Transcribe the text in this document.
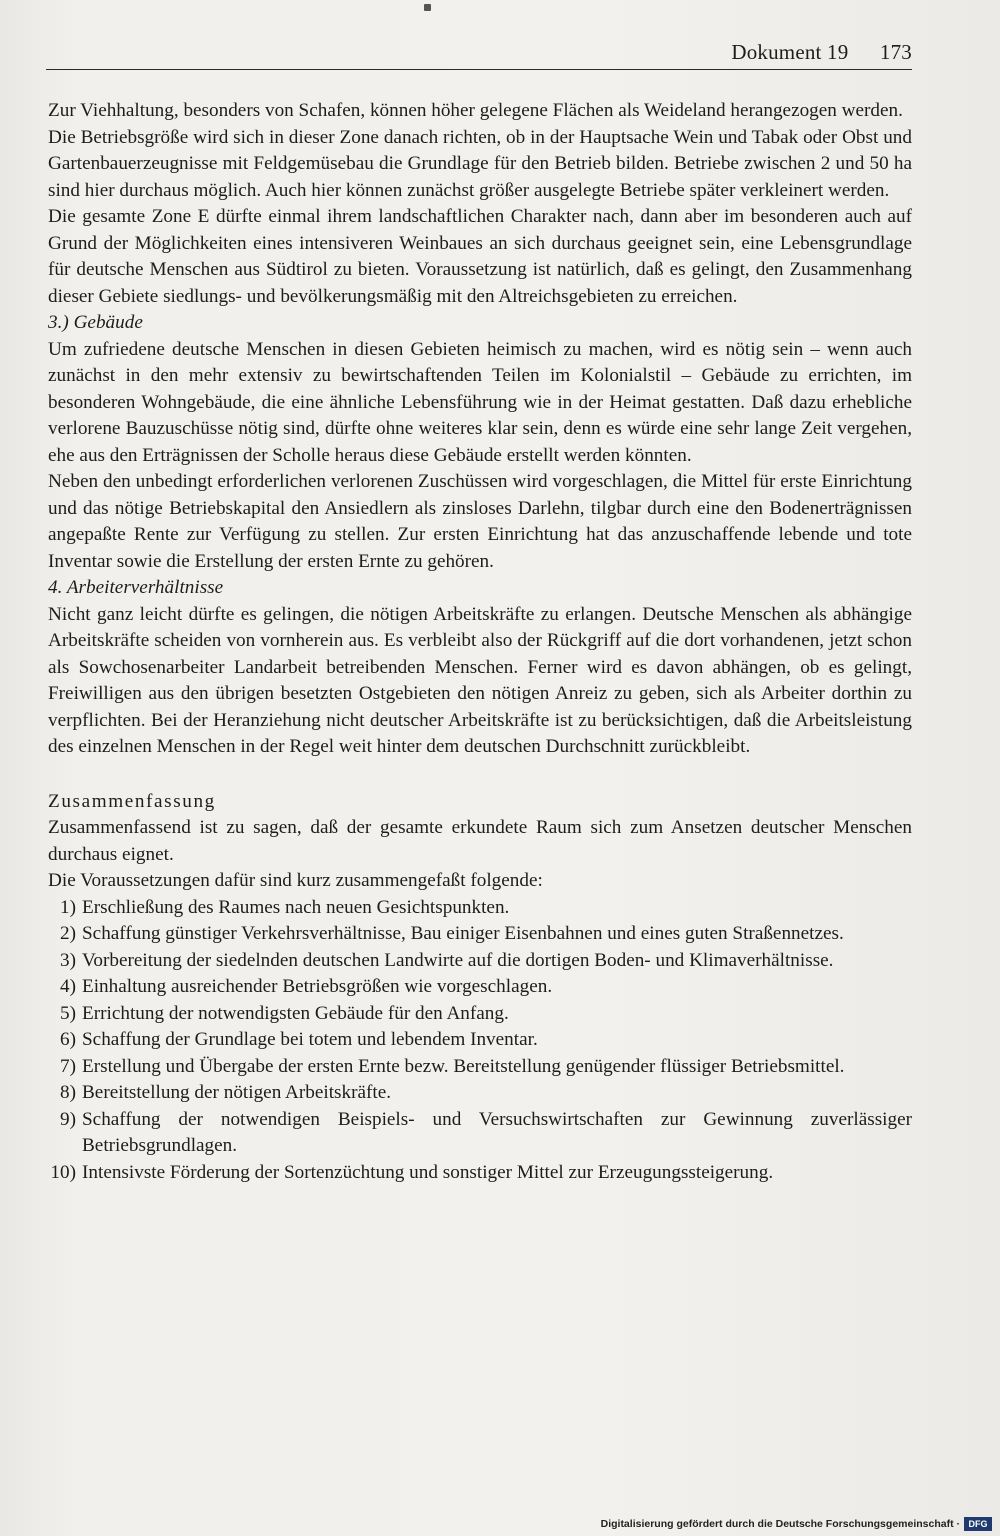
Dokument 19 173

Zur Viehhaltung, besonders von Schafen, können höher gelegene Flächen als Weideland herangezogen werden.

Die Betriebsgröße wird sich in dieser Zone danach richten, ob in der Hauptsache Wein und Tabak oder Obst und Gartenbauerzeugnisse mit Feldgemüsebau die Grundlage für den Betrieb bilden. Betriebe zwischen 2 und 50 ha sind hier durchaus möglich. Auch hier können zunächst größer ausgelegte Betriebe später verkleinert werden.

Die gesamte Zone E dürfte einmal ihrem landschaftlichen Charakter nach, dann aber im besonderen auch auf Grund der Möglichkeiten eines intensiveren Weinbaues an sich durchaus geeignet sein, eine Lebensgrundlage für deutsche Menschen aus Südtirol zu bieten. Voraussetzung ist natürlich, daß es gelingt, den Zusammenhang dieser Gebiete siedlungs- und bevölkerungsmäßig mit den Altreichsgebieten zu erreichen.

3.) Gebäude

Um zufriedene deutsche Menschen in diesen Gebieten heimisch zu machen, wird es nötig sein – wenn auch zunächst in den mehr extensiv zu bewirtschaftenden Teilen im Kolonialstil – Gebäude zu errichten, im besonderen Wohngebäude, die eine ähnliche Lebensführung wie in der Heimat gestatten. Daß dazu erhebliche verlorene Bauzuschüsse nötig sind, dürfte ohne weiteres klar sein, denn es würde eine sehr lange Zeit vergehen, ehe aus den Erträgnissen der Scholle heraus diese Gebäude erstellt werden könnten.

Neben den unbedingt erforderlichen verlorenen Zuschüssen wird vorgeschlagen, die Mittel für erste Einrichtung und das nötige Betriebskapital den Ansiedlern als zinsloses Darlehn, tilgbar durch eine den Bodenerträgnissen angepaßte Rente zur Verfügung zu stellen. Zur ersten Einrichtung hat das anzuschaffende lebende und tote Inventar sowie die Erstellung der ersten Ernte zu gehören.

4. Arbeiterverhältnisse

Nicht ganz leicht dürfte es gelingen, die nötigen Arbeitskräfte zu erlangen. Deutsche Menschen als abhängige Arbeitskräfte scheiden von vornherein aus. Es verbleibt also der Rückgriff auf die dort vorhandenen, jetzt schon als Sowchosenarbeiter Landarbeit betreibenden Menschen. Ferner wird es davon abhängen, ob es gelingt, Freiwilligen aus den übrigen besetzten Ostgebieten den nötigen Anreiz zu geben, sich als Arbeiter dorthin zu verpflichten. Bei der Heranziehung nicht deutscher Arbeitskräfte ist zu berücksichtigen, daß die Arbeitsleistung des einzelnen Menschen in der Regel weit hinter dem deutschen Durchschnitt zurückbleibt.

Zusammenfassung

Zusammenfassend ist zu sagen, daß der gesamte erkundete Raum sich zum Ansetzen deutscher Menschen durchaus eignet.

Die Voraussetzungen dafür sind kurz zusammengefaßt folgende:

1) Erschließung des Raumes nach neuen Gesichtspunkten.
2) Schaffung günstiger Verkehrsverhältnisse, Bau einiger Eisenbahnen und eines guten Straßennetzes.
3) Vorbereitung der siedelnden deutschen Landwirte auf die dortigen Boden- und Klimaverhältnisse.
4) Einhaltung ausreichender Betriebsgrößen wie vorgeschlagen.
5) Errichtung der notwendigsten Gebäude für den Anfang.
6) Schaffung der Grundlage bei totem und lebendem Inventar.
7) Erstellung und Übergabe der ersten Ernte bezw. Bereitstellung genügender flüssiger Betriebsmittel.
8) Bereitstellung der nötigen Arbeitskräfte.
9) Schaffung der notwendigen Beispiels- und Versuchswirtschaften zur Gewinnung zuverlässiger Betriebsgrundlagen.
10) Intensivste Förderung der Sortenzüchtung und sonstiger Mittel zur Erzeugungssteigerung.
Digitalisierung gefördert durch die Deutsche Forschungsgemeinschaft · DFG
